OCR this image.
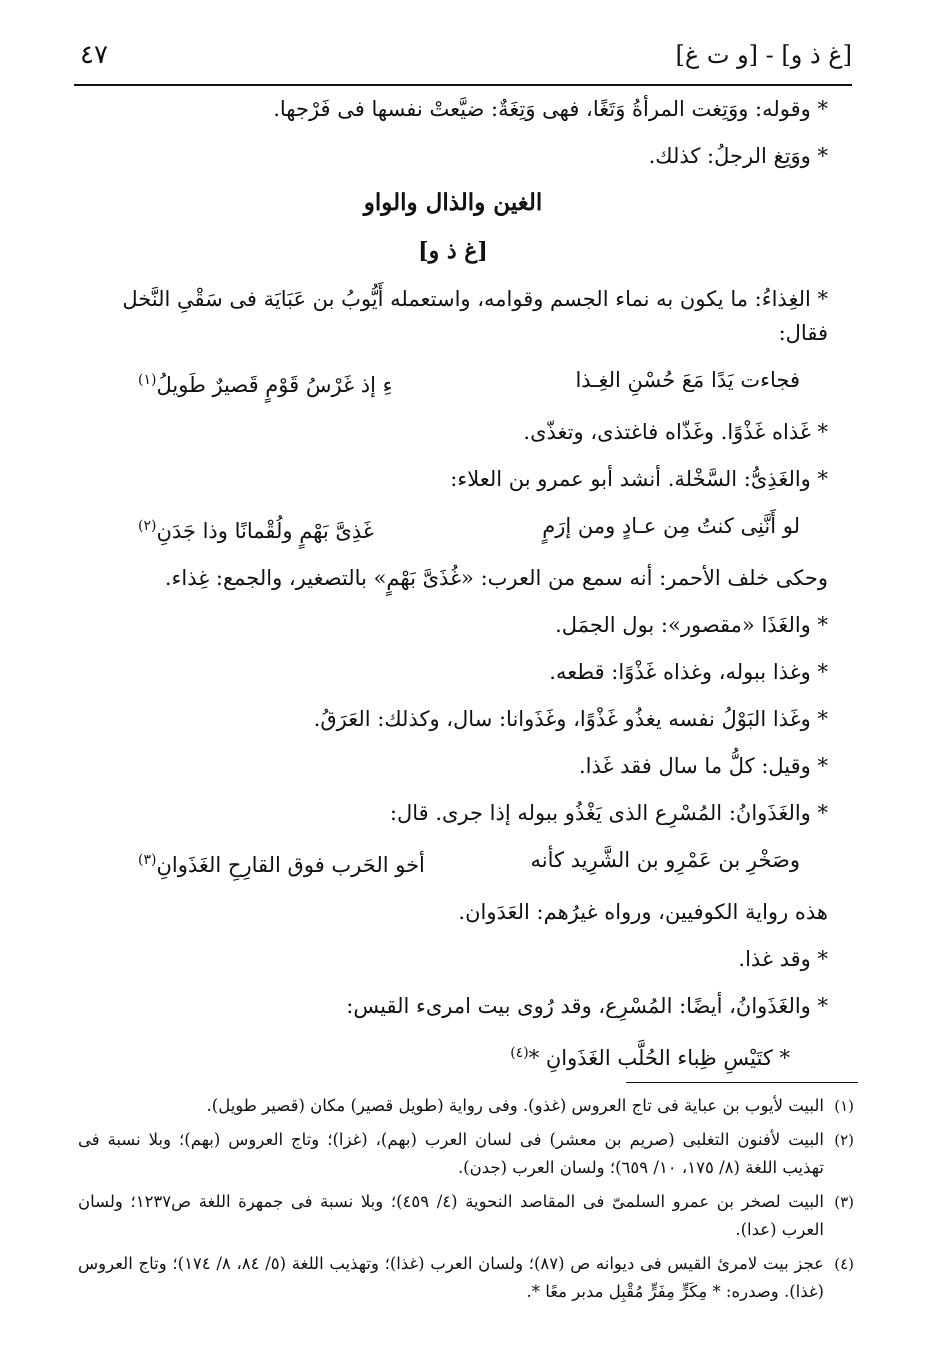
٤٧	[و ت غ] - [غ ذ و]

* وقوله: ووَتِغت المرأةُ وَتَغًا، فهى وَتِغَةٌ: ضيَّعتْ نفسها فى فَرْجها.

* ووَتِغ الرجلُ: كذلك.

الغين والذال والواو
[غ ذ و]

* الغِذاءُ: ما يكون به نماء الجسم وقوامه، واستعمله أَيُّوبُ بن عَبَايَة فى سَقْىِ النَّخل فقال:

فجاءت يَدًا مَعَ حُسْنِ الغِـذا
ءِ إذ غَرْسُ قَوْمٍ قَصيرٌ طَويلُ$^{(١)}$

* غَذاه غَذْوًا. وغَذّاه فاغتذى، وتغذّى.

* والغَذِىُّ: السَّخْلة. أنشد أبو عمرو بن العلاء:

لو أَنَّنِى كنتُ مِن عـادٍ ومن إرَمٍ
غَذِىَّ بَهْمٍ ولُقْمانًا وذا جَدَنِ$^{(٢)}$

وحكى خلف الأحمر: أنه سمع من العرب: «غُذَىَّ بَهْمٍ» بالتصغير، والجمع: غِذاء.

* والغَذَا «مقصور»: بول الجمَل.

* وغذا ببوله، وغذاه غَذْوًا: قطعه.

* وغَذا البَوْلُ نفسه يغذُو غَذْوًا، وغَذَوانا: سال، وكذلك: العَرَقُ.

* وقيل: كلُّ ما سال فقد غَذا.

* والغَذَوانُ: المُسْرِع الذى يَغْذُو ببوله إذا جرى. قال:

وصَخْرِ بن عَمْرِو بن الشَّرِيد كأنه
أخو الحَرب فوق القارِحِ الغَذَوانِ$^{(٣)}$

هذه رواية الكوفيين، ورواه غيرُهم: العَدَوان.

* وقد غذا.

* والغَذَوانُ، أيضًا: المُسْرِع، وقد رُوى بيت امرىء القيس:

* كتَيْسِ ظِباء الحُلَّب الغَذَوانِ *$^{(٤)}$
(١)
البيت لأيوب بن عباية فى تاج العروس (غذو). وفى رواية (طويل قصير) مكان (قصير طويل).
(٢)
البيت لأفنون التغلبى (صريم بن معشر) فى لسان العرب (بهم)، (غزا)؛ وتاج العروس (بهم)؛ وبلا نسبة فى تهذيب اللغة (٨/ ١٧٥، ١٠/ ٦٥٩)؛ ولسان العرب (جدن).
(٣)
البيت لصخر بن عمرو السلمىّ فى المقاصد النحوية (٤/ ٤٥٩)؛ وبلا نسبة فى جمهرة اللغة ص١٢٣٧؛ ولسان العرب (عدا).
(٤)
عجز بيت لامرئ القيس فى ديوانه ص (٨٧)؛ ولسان العرب (غذا)؛ وتهذيب اللغة (٥/ ٨٤، ٨/ ١٧٤)؛ وتاج العروس (غذا). وصدره: * مِكَرٍّ مِفَرٍّ مُقْبِل مدبر معًا *.
